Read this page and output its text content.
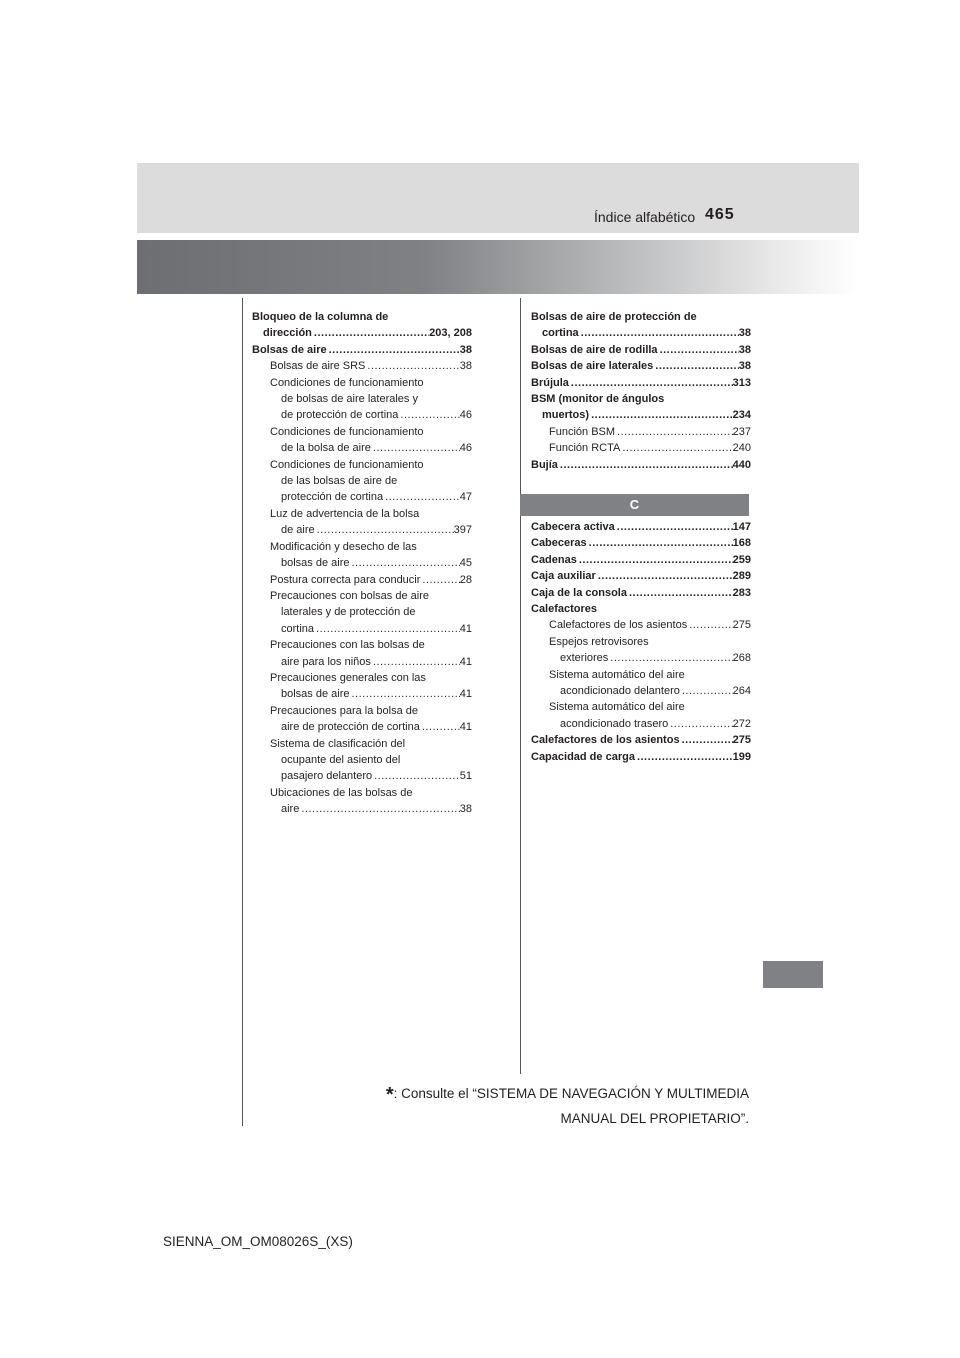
Índice alfabético 465
Bloqueo de la columna de
dirección .....	203, 208
Bolsas de aire .....	38
Bolsas de aire SRS .....	38
Condiciones de funcionamiento
de bolsas de aire laterales y
de protección de cortina .....	46
Condiciones de funcionamiento
de la bolsa de aire .....	46
Condiciones de funcionamiento
de las bolsas de aire de
protección de cortina .....	47
Luz de advertencia de la bolsa
de aire .....	397
Modificación y desecho de las
bolsas de aire .....	45
Postura correcta para conducir .....	28
Precauciones con bolsas de aire
laterales y de protección de
cortina .....	41
Precauciones con las bolsas de
aire para los niños .....	41
Precauciones generales con las
bolsas de aire .....	41
Precauciones para la bolsa de
aire de protección de cortina .....	41
Sistema de clasificación del
ocupante del asiento del
pasajero delantero .....	51
Ubicaciones de las bolsas de
aire .....	38
Bolsas de aire de protección de
cortina .....	38
Bolsas de aire de rodilla .....	38
Bolsas de aire laterales .....	38
Brújula .....	313
BSM (monitor de ángulos
muertos) .....	234
Función BSM .....	237
Función RCTA .....	240
Bujía .....	440
C
Cabecera activa .....	147
Cabeceras .....	168
Cadenas .....	259
Caja auxiliar .....	289
Caja de la consola .....	283
Calefactores
Calefactores de los asientos .....	275
Espejos retrovisores
exteriores .....	268
Sistema automático del aire
acondicionado delantero .....	264
Sistema automático del aire
acondicionado trasero .....	272
Calefactores de los asientos .....	275
Capacidad de carga .....	199
*: Consulte el “SISTEMA DE NAVEGACIÓN Y MULTIMEDIA
MANUAL DEL PROPIETARIO”.
SIENNA_OM_OM08026S_(XS)
